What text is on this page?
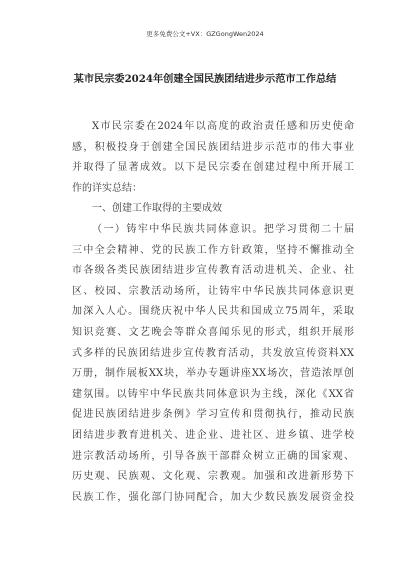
更多免费公文+VX：GZGongWen2024
某市民宗委2024年创建全国民族团结进步示范市工作总结
X市民宗委在2024年以高度的政治责任感和历史使命
感，积极投身于创建全国民族团结进步示范市的伟大事业
并取得了显著成效。以下是民宗委在创建过程中所开展工
作的详实总结：
一、创建工作取得的主要成效
（一）铸牢中华民族共同体意识。把学习贯彻二十届
三中全会精神、党的民族工作方针政策，坚持不懈推动全
市各级各类民族团结进步宣传教育活动进机关、企业、社
区、校园、宗教活动场所，让铸牢中华民族共同体意识更
加深入人心。围绕庆祝中华人民共和国成立75周年，采取
知识竞赛、文艺晚会等群众喜闻乐见的形式，组织开展形
式多样的民族团结进步宣传教育活动，共发放宣传资料XX
万册，制作展板XX块，举办专题讲座XX场次，营造浓厚创
建氛围。以铸牢中华民族共同体意识为主线，深化《XX省
促进民族团结进步条例》学习宣传和贯彻执行，推动民族
团结进步教育进机关、进企业、进社区、进乡镇、进学校
进宗教活动场所，引导各族干部群众树立正确的国家观、
历史观、民族观、文化观、宗教观。加强和改进新形势下
民族工作，强化部门协同配合，加大少数民族发展资金投
